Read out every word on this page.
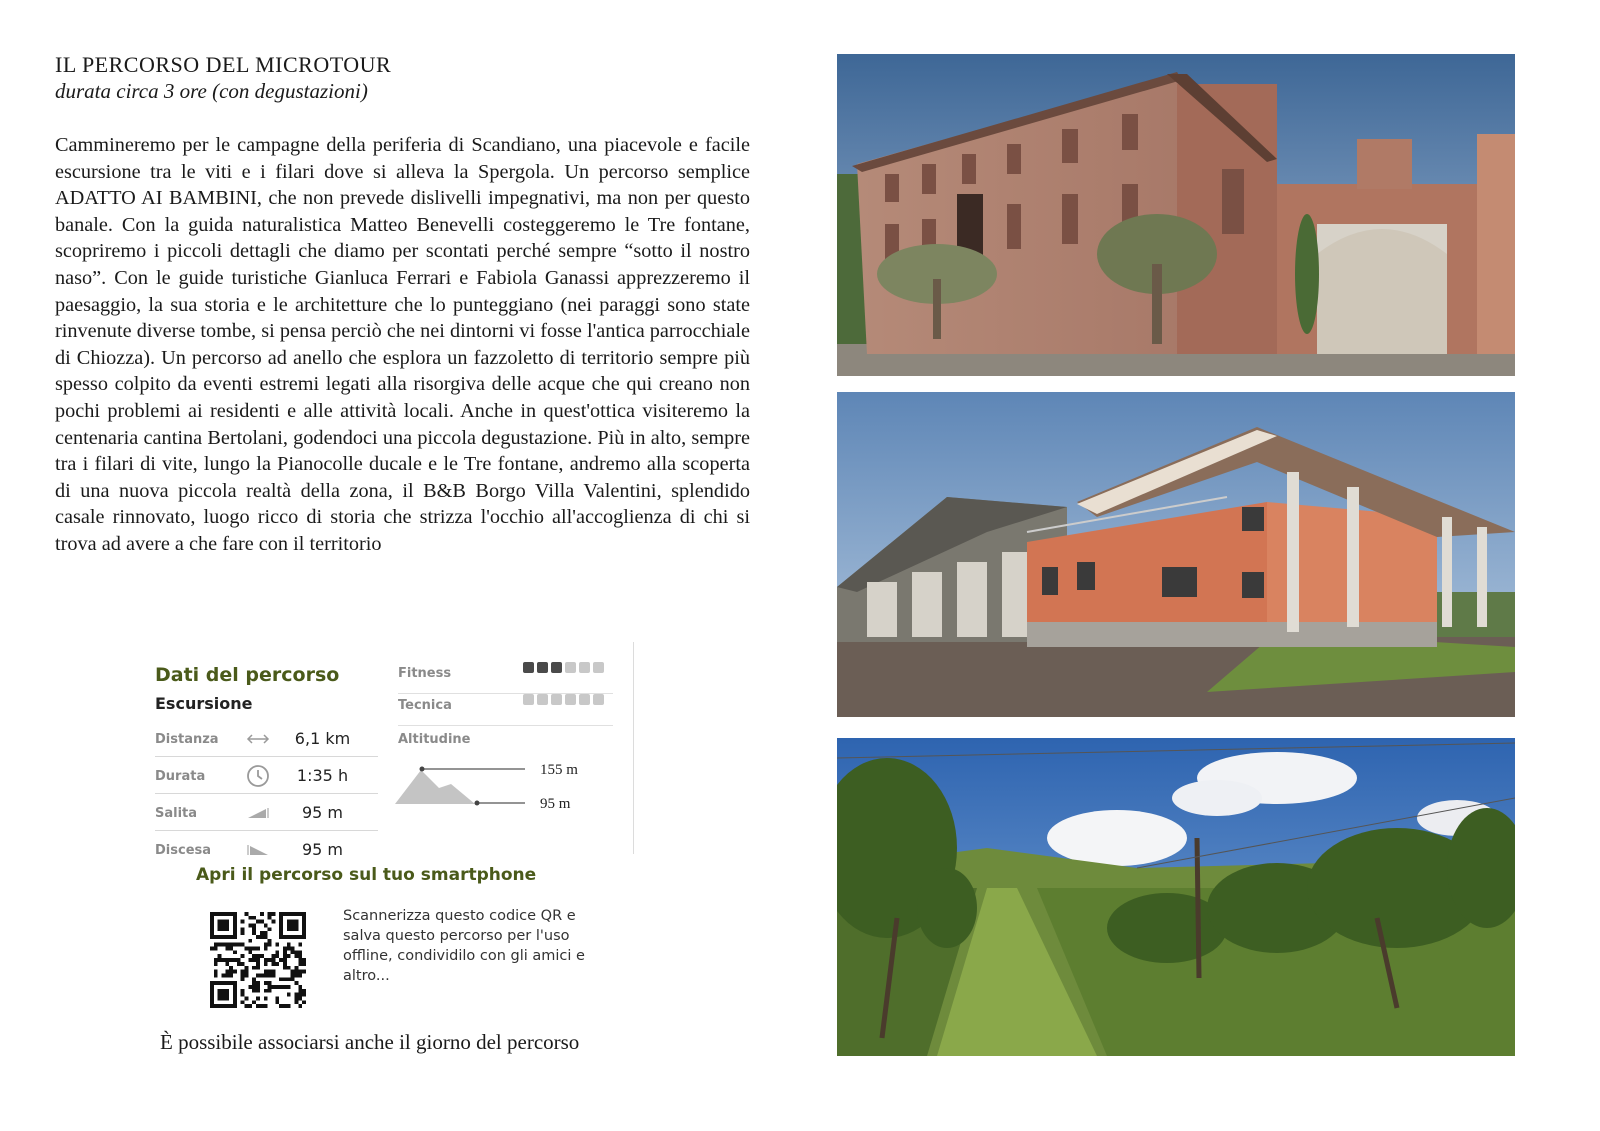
IL PERCORSO DEL MICROTOUR
durata circa 3 ore (con degustazioni)

Cammineremo per le campagne della periferia di Scandiano, una piacevole e facile escursione tra le viti e i filari dove si alleva la Spergola. Un percorso semplice ADATTO AI BAMBINI, che non prevede dislivelli impegnativi, ma non per questo banale. Con la guida naturalistica Matteo Benevelli costeggeremo le Tre fontane, scopriremo i piccoli dettagli che diamo per scontati perché sempre “sotto il nostro naso”. Con le guide turistiche Gianluca Ferrari e Fabiola Ganassi apprezzeremo il paesaggio, la sua storia e le architetture che lo punteggiano (nei paraggi sono state rinvenute diverse tombe, si pensa perciò che nei dintorni vi fosse l'antica parrocchiale di Chiozza). Un percorso ad anello che esplora un fazzoletto di territorio sempre più spesso colpito da eventi estremi legati alla risorgiva delle acque che qui creano non pochi problemi ai residenti e alle attività locali. Anche in quest'ottica visiteremo la centenaria cantina Bertolani, godendoci una piccola degustazione. Più in alto, sempre tra i filari di vite, lungo la Pianocolle ducale e le Tre fontane, andremo alla scoperta di una nuova piccola realtà della zona, il B&B Borgo Villa Valentini, splendido casale rinnovato, luogo ricco di storia che strizza l'occhio all'accoglienza di chi si trova ad avere a che fare con il territorio

Dati del percorso
Escursione
Distanza	6,1 km
Durata	1:35 h
Salita	95 m
Discesa	95 m
Fitness
Tecnica
Altitudine
155 m
95 m
Apri il percorso sul tuo smartphone
Scannerizza questo codice QR e salva questo percorso per l'uso offline, condividilo con gli amici e altro...
È possibile associarsi anche il giorno del percorso
